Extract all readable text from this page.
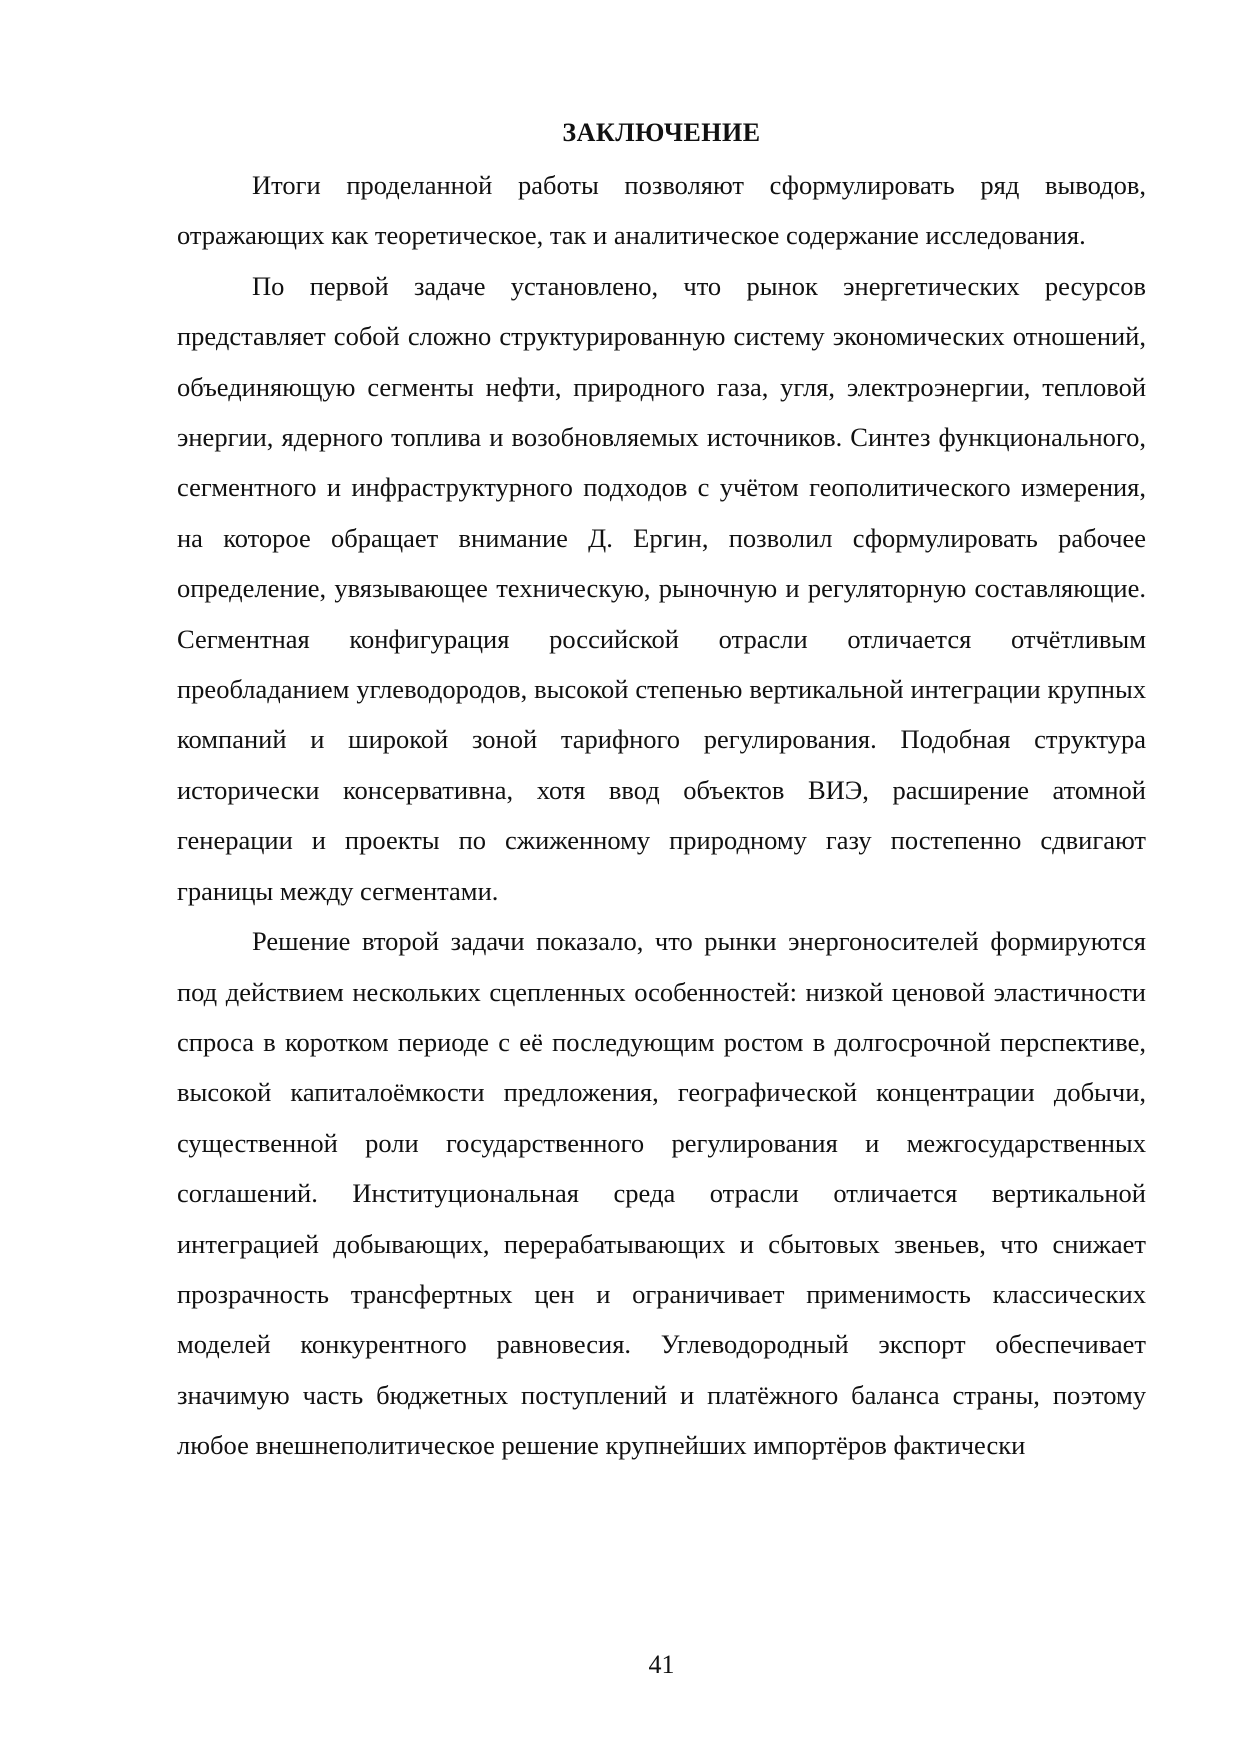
ЗАКЛЮЧЕНИЕ

Итоги проделанной работы позволяют сформулировать ряд выводов, отражающих как теоретическое, так и аналитическое содержание исследования.

По первой задаче установлено, что рынок энергетических ресурсов представляет собой сложно структурированную систему экономических отношений, объединяющую сегменты нефти, природного газа, угля, электроэнергии, тепловой энергии, ядерного топлива и возобновляемых источников. Синтез функционального, сегментного и инфраструктурного подходов с учётом геополитического измерения, на которое обращает внимание Д. Ергин, позволил сформулировать рабочее определение, увязывающее техническую, рыночную и регуляторную составляющие. Сегментная конфигурация российской отрасли отличается отчётливым преобладанием углеводородов, высокой степенью вертикальной интеграции крупных компаний и широкой зоной тарифного регулирования. Подобная структура исторически консервативна, хотя ввод объектов ВИЭ, расширение атомной генерации и проекты по сжиженному природному газу постепенно сдвигают границы между сегментами.

Решение второй задачи показало, что рынки энергоносителей формируются под действием нескольких сцепленных особенностей: низкой ценовой эластичности спроса в коротком периоде с её последующим ростом в долгосрочной перспективе, высокой капиталоёмкости предложения, географической концентрации добычи, существенной роли государственного регулирования и межгосударственных соглашений. Институциональная среда отрасли отличается вертикальной интеграцией добывающих, перерабатывающих и сбытовых звеньев, что снижает прозрачность трансфертных цен и ограничивает применимость классических моделей конкурентного равновесия. Углеводородный экспорт обеспечивает значимую часть бюджетных поступлений и платёжного баланса страны, поэтому любое внешнеполитическое решение крупнейших импортёров фактически

41
